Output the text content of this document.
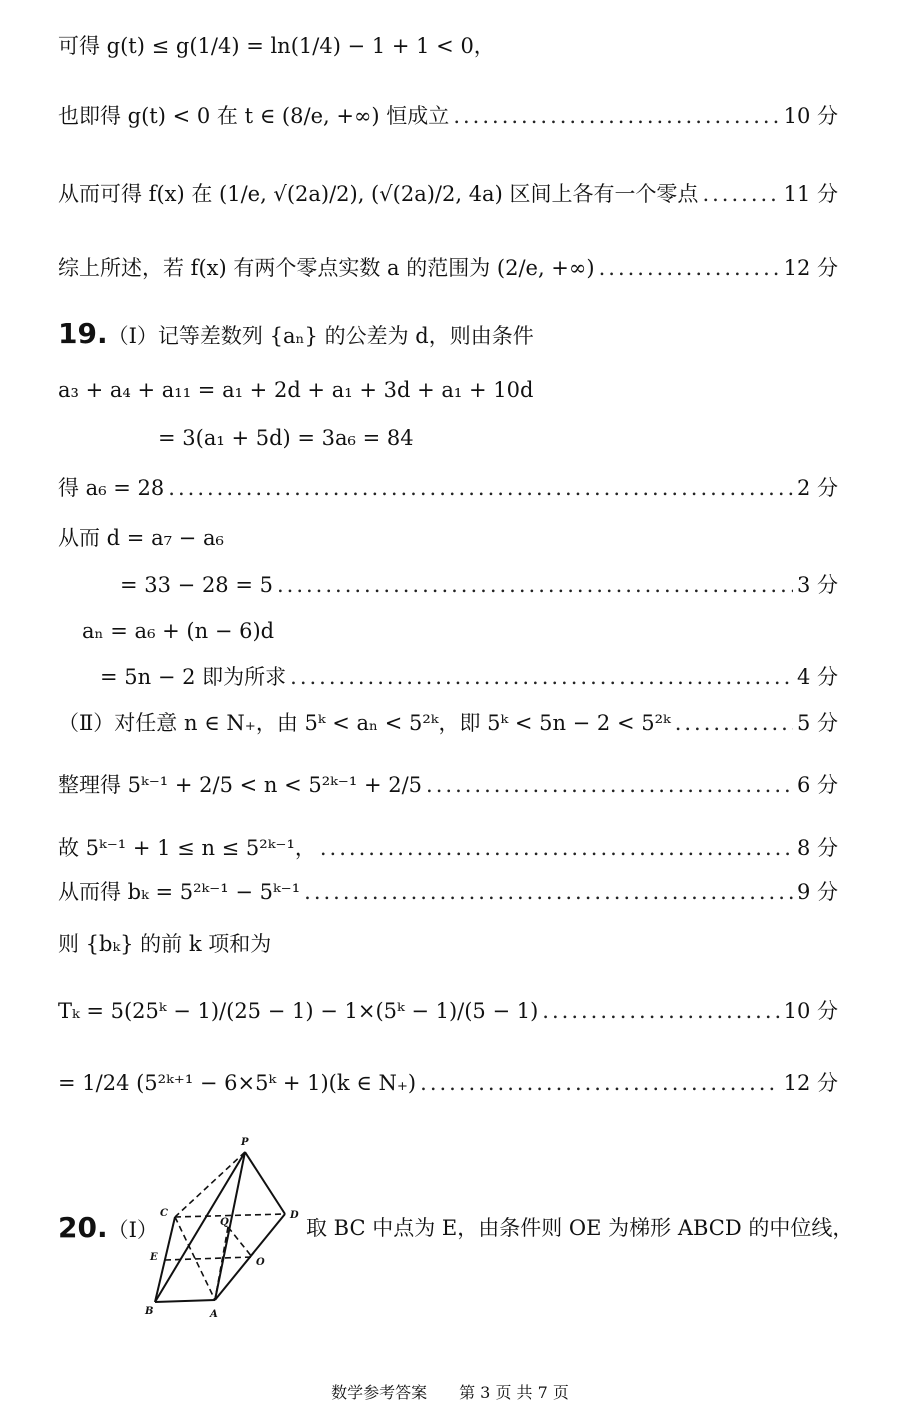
可得 g(t) ≤ g(1/4) = ln(1/4) − 1 + 1 < 0，
也即得 g(t) < 0 在 t ∈ (8/e, +∞) 恒成立 .....	10 分
从而可得 f(x) 在 (1/e, √(2a)/2), (√(2a)/2, 4a) 区间上各有一个零点 .....	11 分
综上所述，若 f(x) 有两个零点实数 a 的范围为 (2/e, +∞) .....	12 分
19. （Ⅰ）记等差数列 {aₙ} 的公差为 d，则由条件
a₃ + a₄ + a₁₁ = a₁ + 2d + a₁ + 3d + a₁ + 10d
= 3(a₁ + 5d) = 3a₆ = 84
得 a₆ = 28 .....	2 分
从而 d = a₇ − a₆
= 33 − 28 = 5 .....	3 分
aₙ = a₆ + (n − 6)d
= 5n − 2 即为所求 .....	4 分
（Ⅱ）对任意 n ∈ N₊，由 5ᵏ < aₙ < 5²ᵏ，即 5ᵏ < 5n − 2 < 5²ᵏ .....	5 分
整理得 5ᵏ⁻¹ + 2/5 < n < 5²ᵏ⁻¹ + 2/5 .....	6 分
故 5ᵏ⁻¹ + 1 ≤ n ≤ 5²ᵏ⁻¹， .....	8 分
从而得 bₖ = 5²ᵏ⁻¹ − 5ᵏ⁻¹ .....	9 分
则 {bₖ} 的前 k 项和为
Tₖ = 5(25ᵏ − 1)/(25 − 1) − 1×(5ᵏ − 1)/(5 − 1) .....	10 分
= 1/24 (5²ᵏ⁺¹ − 6×5ᵏ + 1)(k ∈ N₊) .....	12 分
20. （Ⅰ）	取 BC 中点为 E，由条件则 OE 为梯形 ABCD 的中位线，
P
C
Q
D
E	O
B	A
数学参考答案　　第 3 页 共 7 页
